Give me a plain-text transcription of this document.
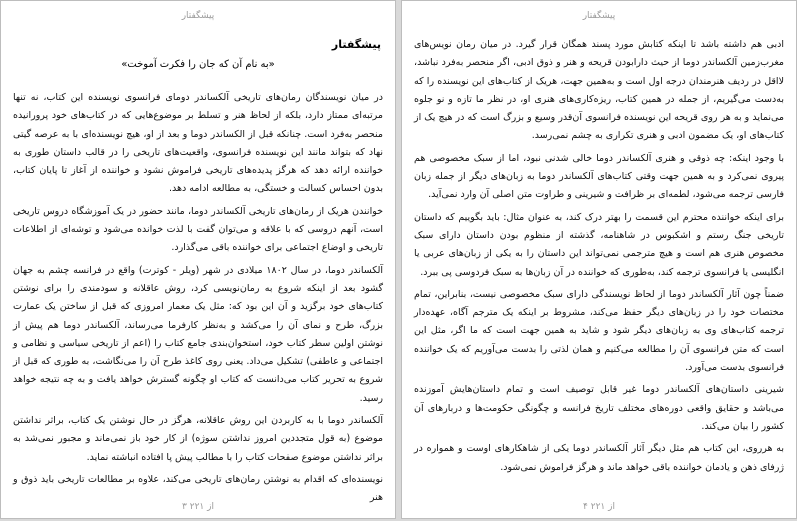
پیشگفتار
پیشگفتار
«به نام آن که جان را فکرت آموخت»

در میان نویسندگان رمان‌های تاریخی آلکساندر دومای فرانسوی نویسنده این کتاب، نه تنها مرتبه‌ای ممتاز دارد، بلکه از لحاظ هنر و تسلط بر موضوع‌هایی که در کتاب‌های خود پرورانیده منحصر به‌فرد است. چنانکه قبل از الکساندر دوما و بعد از او، هیچ نویسنده‌ای با به عرصه گیتی نهاد که بتواند مانند این نویسنده فرانسوی، واقعیت‌های تاریخی را در قالب داستان طوری به خواننده ارائه دهد که هرگز پدیده‌های تاریخی فراموش نشود و خواننده از آغاز تا پایان کتاب، بدون احساس کسالت و خستگی، به مطالعه ادامه دهد.

خوانندن هریک از رمان‌های تاریخی آلکساندر دوما، مانند حضور در یک آموزشگاه دروس تاریخی است، آنهم دروسی که با علاقه و می‌توان گفت با لذت خوانده می‌شود و توشه‌ای از اطلاعات تاریخی و اوضاع اجتماعی برای خواننده باقی می‌گذارد.

آلکساندر دوما، در سال ۱۸۰۲ میلادی در شهر (ویلر - کوترت) واقع در فرانسه چشم به جهان گشود بعد از اینکه شروع به رمان‌نویسی کرد، روش عاقلانه و سودمندی را برای نوشتن کتاب‌های خود برگزید و آن این بود که: مثل یک معمار امروزی که قبل از ساختن یک عمارت بزرگ، طرح و نمای آن را می‌کشد و به‌نظر کارفرما می‌رساند، آلکساندر دوما هم پیش از نوشتن اولین سطر کتاب خود، استخوان‌بندی جامع کتاب را (اعم از تاریخی سیاسی و نظامی و اجتماعی و عاطفی) تشکیل می‌داد. یعنی روی کاغذ طرح آن را می‌نگاشت، به طوری که قبل از شروع به تحریر کتاب می‌دانست که کتاب او چگونه گسترش خواهد یافت و به چه نتیجه خواهد رسید.

آلکساندر دوما با به کاربردن این روش عاقلانه، هرگز در حال نوشتن یک کتاب، براثر نداشتن موضوع (به قول متجددین امروز نداشتن سوژه) از کار خود باز نمی‌ماند و مجبور نمی‌شد به براثر نداشتن موضوع صفحات کتاب را با مطالب پیش پا افتاده انباشته نماید.

نویسنده‌ای که اقدام به نوشتن رمان‌های تاریخی می‌کند، علاوه بر مطالعات تاریخی باید ذوق و هنر

۳ از ۲۲۱
پیشگفتار

ادبی هم داشته باشد تا اینکه کتابش مورد پسند همگان قرار گیرد. در میان رمان نویس‌های مغرب‌زمین آلکساندر دوما از حیث دارابودن قریحه و هنر و ذوق ادبی، اگر منحصر به‌فرد نباشد، لااقل در ردیف هنرمندان درجه اول است و به‌همین جهت، هریک از کتاب‌های این نویسنده را که به‌دست می‌گیریم، از جمله در همین کتاب، ریزه‌کاری‌های هنری او، در نظر ما تازه و نو جلوه می‌نماید و به هر روی قریحه این نویسنده فرانسوی آن‌قدر وسیع و بزرگ است که در هیچ یک از کتاب‌های او، یک مضمون ادبی و هنری تکراری به چشم نمی‌رسد.

با وجود اینکه: چه ذوقی و هنری آلکساندر دوما خالی شدنی نبود، اما از سبک مخصوصی هم پیروی نمی‌کرد و به همین جهت وقتی کتاب‌های آلکساندر دوما به زبان‌های دیگر از جمله زبان فارسی ترجمه می‌شود، لطمه‌ای بر ظرافت و شیرینی و طراوت متن اصلی آن وارد نمی‌آید.

برای اینکه خواننده محترم این قسمت را بهتر درک کند، به عنوان مثال: باید بگوییم که داستان تاریخی جنگ رستم و اشکبوس در شاهنامه، گذشته از منظوم بودن داستان دارای سبک مخصوص هنری هم است و هیچ مترجمی نمی‌تواند این داستان را به یکی از زبان‌های عربی یا انگلیسی یا فرانسوی ترجمه کند، به‌طوری که خواننده در آن زبان‌ها به سبک فردوسی پی ببرد.

ضمناً چون آثار آلکساندر دوما از لحاظ نویسندگی دارای سبک مخصوصی نیست، بنابراین، تمام مختصات خود را در زبان‌های دیگر حفظ می‌کند، مشروط بر اینکه یک مترجم آگاه، عهده‌دار ترجمه کتاب‌های وی به زبان‌های دیگر شود و شاید به همین جهت است که ما اگر، مثل این است که متن فرانسوی آن را مطالعه می‌کنیم و همان لذتی را بدست می‌آوریم که یک خواننده فرانسوی بدست می‌آورد.

شیرینی داستان‌های آلکساندر دوما غیر قابل توصیف است و تمام داستان‌هایش آموزنده می‌باشد و حقایق واقعی دوره‌های مختلف تاریخ فرانسه و چگونگی حکومت‌ها و دربارهای آن کشور را بیان می‌کند.

به هرروی، این کتاب هم مثل دیگر آثار آلکساندر دوما یکی از شاهکارهای اوست و همواره در ژرفای ذهن و یادمان خواننده باقی خواهد ماند و هرگز فراموش نمی‌شود.

۴ از ۲۲۱
